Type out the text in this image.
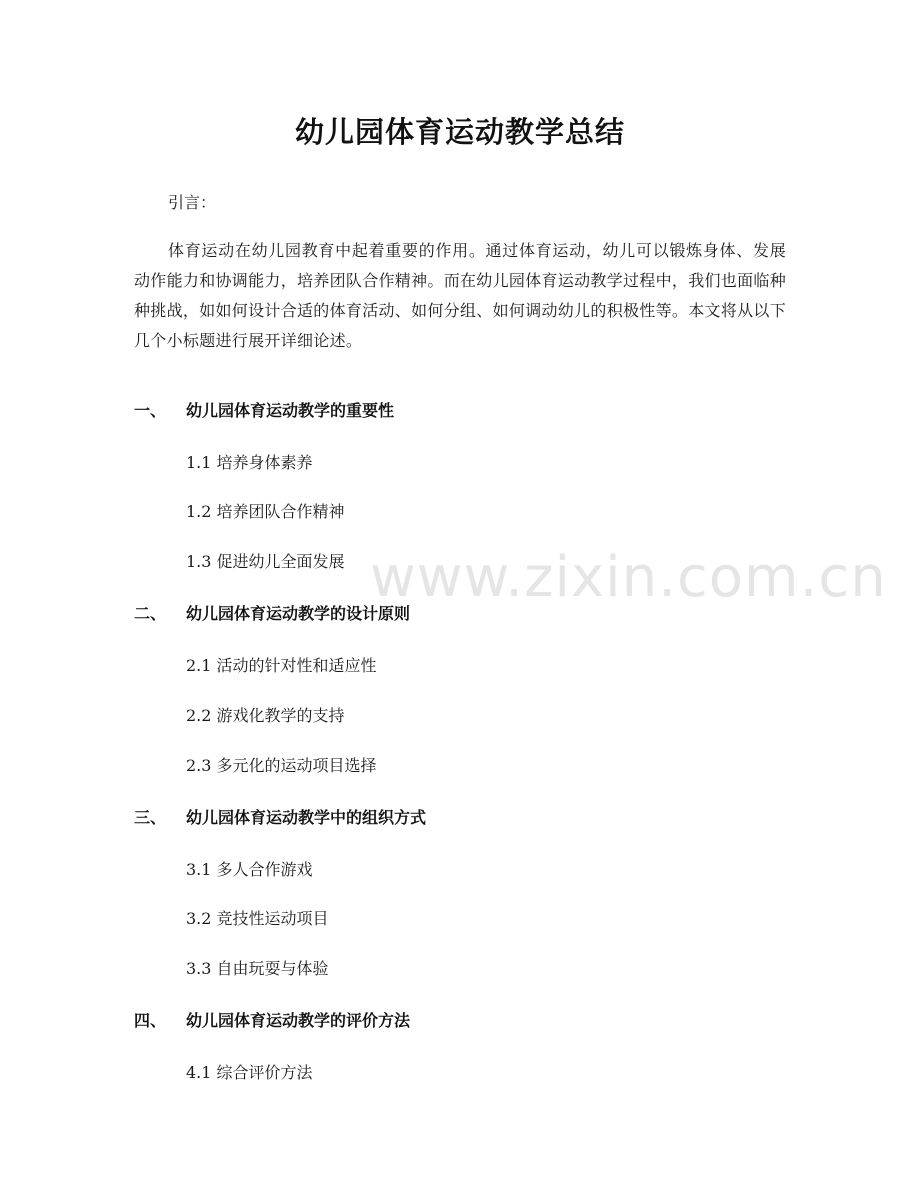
幼儿园体育运动教学总结
引言：
体育运动在幼儿园教育中起着重要的作用。通过体育运动，幼儿可以锻炼身体、发展动作能力和协调能力，培养团队合作精神。而在幼儿园体育运动教学过程中，我们也面临种种挑战，如如何设计合适的体育活动、如何分组、如何调动幼儿的积极性等。本文将从以下几个小标题进行展开详细论述。
一、 幼儿园体育运动教学的重要性
1.1 培养身体素养
1.2 培养团队合作精神
1.3 促进幼儿全面发展
二、 幼儿园体育运动教学的设计原则
2.1 活动的针对性和适应性
2.2 游戏化教学的支持
2.3 多元化的运动项目选择
三、 幼儿园体育运动教学中的组织方式
3.1 多人合作游戏
3.2 竞技性运动项目
3.3 自由玩耍与体验
四、 幼儿园体育运动教学的评价方法
4.1 综合评价方法
www.zixin.com.cn
